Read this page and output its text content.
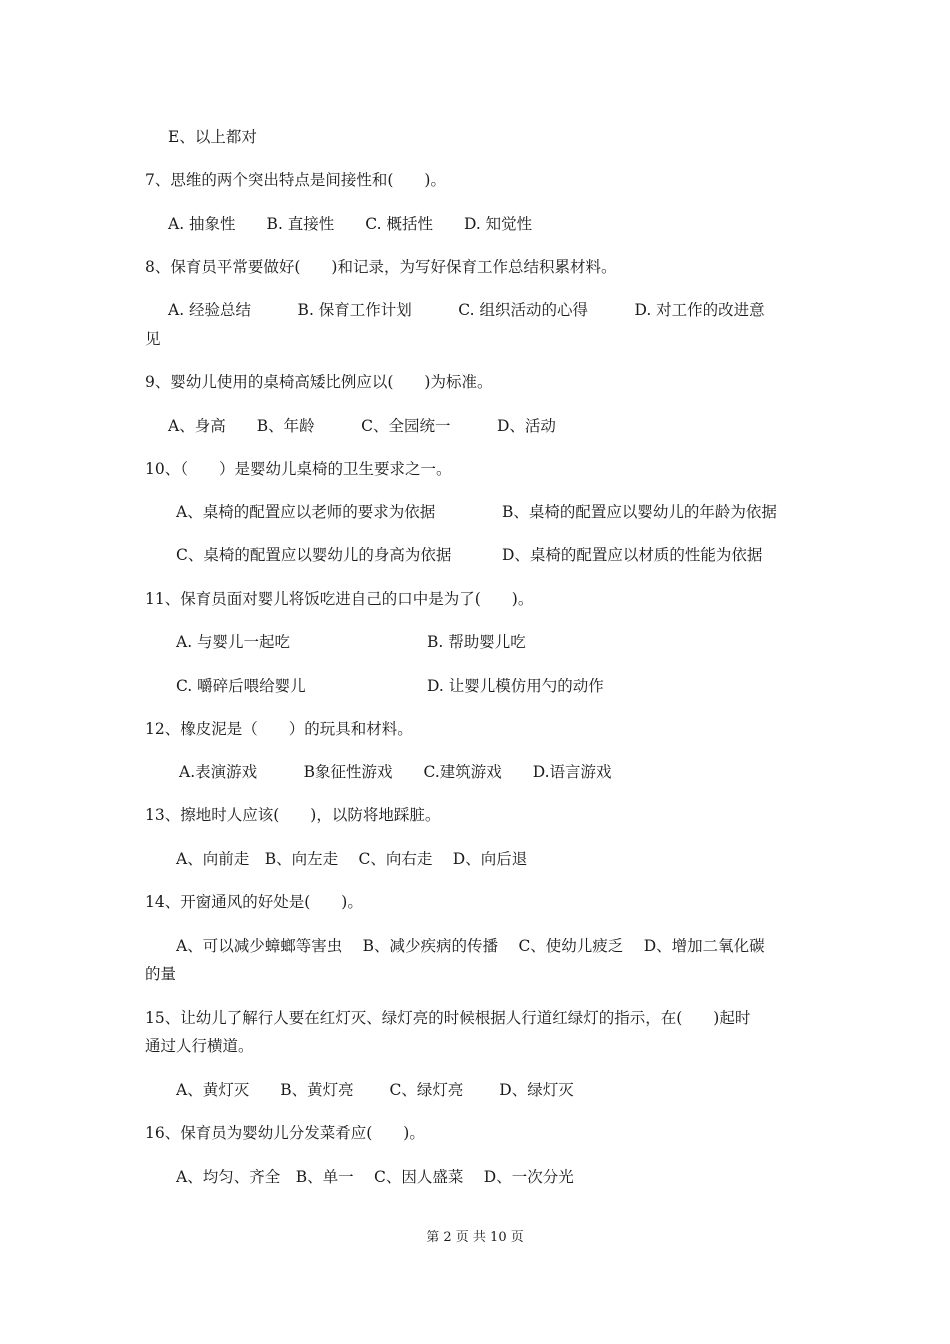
E、以上都对
7、思维的两个突出特点是间接性和(　　)。
A. 抽象性　　B. 直接性　　C. 概括性　　D. 知觉性
8、保育员平常要做好(　　)和记录，为写好保育工作总结积累材料。
A. 经验总结　　　B. 保育工作计划　　　C. 组织活动的心得　　　D. 对工作的改进意
见
9、婴幼儿使用的桌椅高矮比例应以(　　)为标准。
A、身高　　B、年龄　　　C、全园统一　　　D、活动
10、（　　）是婴幼儿桌椅的卫生要求之一。
A、桌椅的配置应以老师的要求为依据	B、桌椅的配置应以婴幼儿的年龄为依据
C、桌椅的配置应以婴幼儿的身高为依据	D、桌椅的配置应以材质的性能为依据
11、保育员面对婴儿将饭吃进自己的口中是为了(　　)。
A. 与婴儿一起吃	B. 帮助婴儿吃
C. 嚼碎后喂给婴儿	D. 让婴儿模仿用勺的动作
12、橡皮泥是（　　）的玩具和材料。
A.表演游戏　　　B象征性游戏　　C.建筑游戏　　D.语言游戏
13、擦地时人应该(　　)，以防将地踩脏。
A、向前走　B、向左走　 C、向右走　 D、向后退
14、开窗通风的好处是(　　)。
A、可以减少蟑螂等害虫　 B、减少疾病的传播　 C、使幼儿疲乏　 D、增加二氧化碳
的量
15、让幼儿了解行人要在红灯灭、绿灯亮的时候根据人行道红绿灯的指示，在(　　)起时
通过人行横道。
A、黄灯灭　　B、黄灯亮　　 C、绿灯亮　　 D、绿灯灭
16、保育员为婴幼儿分发菜肴应(　　)。
A、均匀、齐全　B、单一　 C、因人盛菜　 D、一次分光
第 2 页 共 10 页
